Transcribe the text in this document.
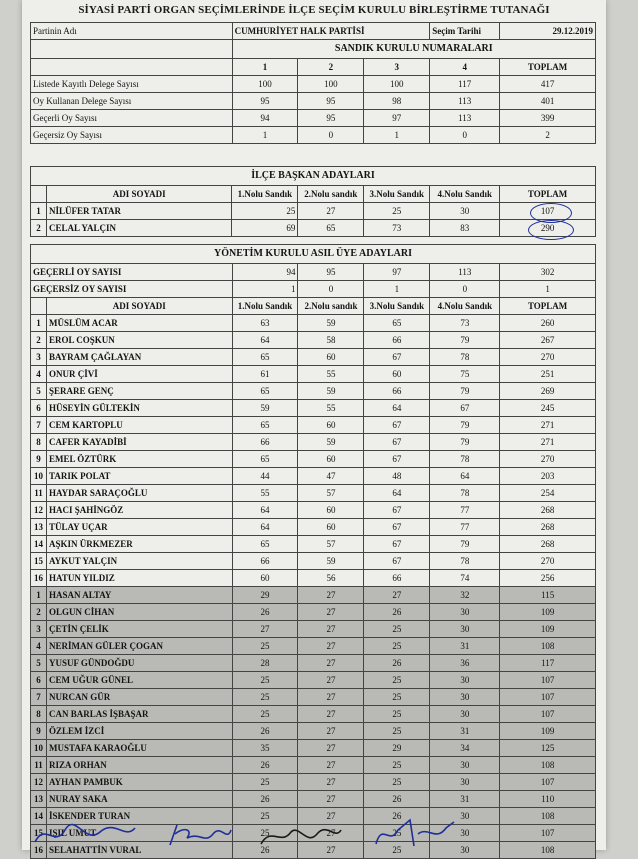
SİYASİ PARTİ ORGAN SEÇİMLERİNDE İLÇE SEÇİM KURULU BİRLEŞTİRME TUTANAĞI
Partinin Adı	CUMHURİYET HALK PARTİSİ			Seçim Tarihi	29.12.2019
	SANDIK KURULU NUMARALARI				
	1	2	3	4	TOPLAM
Listede Kayıtlı Delege Sayısı	100	100	100	117	417
Oy Kullanan Delege Sayısı	95	95	98	113	401
Geçerli Oy Sayısı	94	95	97	113	399
Geçersiz Oy Sayısı	1	0	1	0	2
İLÇE BAŞKAN ADAYLARI						
	ADI SOYADI	1.Nolu Sandık	2.Nolu sandık	3.Nolu Sandık	4.Nolu Sandık	TOPLAM
1	NİLÜFER TATAR	25	27	25	30	107
2	CELAL YALÇIN	69	65	73	83	290
YÖNETİM KURULU ASIL ÜYE ADAYLARI						
GEÇERLİ OY SAYISI		94	95	97	113	302
GEÇERSİZ OY SAYISI		1	0	1	0	1
	ADI SOYADI	1.Nolu Sandık	2.Nolu sandık	3.Nolu Sandık	4.Nolu Sandık	TOPLAM
1	MÜSLÜM ACAR	63	59	65	73	260
2	EROL COŞKUN	64	58	66	79	267
3	BAYRAM ÇAĞLAYAN	65	60	67	78	270
4	ONUR ÇİVİ	61	55	60	75	251
5	ŞERARE GENÇ	65	59	66	79	269
6	HÜSEYİN GÜLTEKİN	59	55	64	67	245
7	CEM KARTOPLU	65	60	67	79	271
8	CAFER KAYADİBİ	66	59	67	79	271
9	EMEL ÖZTÜRK	65	60	67	78	270
10	TARIK POLAT	44	47	48	64	203
11	HAYDAR SARAÇOĞLU	55	57	64	78	254
12	HACI ŞAHİNGÖZ	64	60	67	77	268
13	TÜLAY UÇAR	64	60	67	77	268
14	AŞKIN ÜRKMEZER	65	57	67	79	268
15	AYKUT YALÇIN	66	59	67	78	270
16	HATUN YILDIZ	60	56	66	74	256
1	HASAN ALTAY	29	27	27	32	115
2	OLGUN CİHAN	26	27	26	30	109
3	ÇETİN ÇELİK	27	27	25	30	109
4	NERİMAN GÜLER ÇOGAN	25	27	25	31	108
5	YUSUF GÜNDOĞDU	28	27	26	36	117
6	CEM UĞUR GÜNEL	25	27	25	30	107
7	NURCAN GÜR	25	27	25	30	107
8	CAN BARLAS İŞBAŞAR	25	27	25	30	107
9	ÖZLEM İZCİ	26	27	25	31	109
10	MUSTAFA KARAOĞLU	35	27	29	34	125
11	RIZA ORHAN	26	27	25	30	108
12	AYHAN PAMBUK	25	27	25	30	107
13	NURAY SAKA	26	27	26	31	110
14	İSKENDER TURAN	25	27	26	30	108
15	IŞIL UMUT	25	27	25	30	107
16	SELAHATTİN VURAL	26	27	25	30	108
